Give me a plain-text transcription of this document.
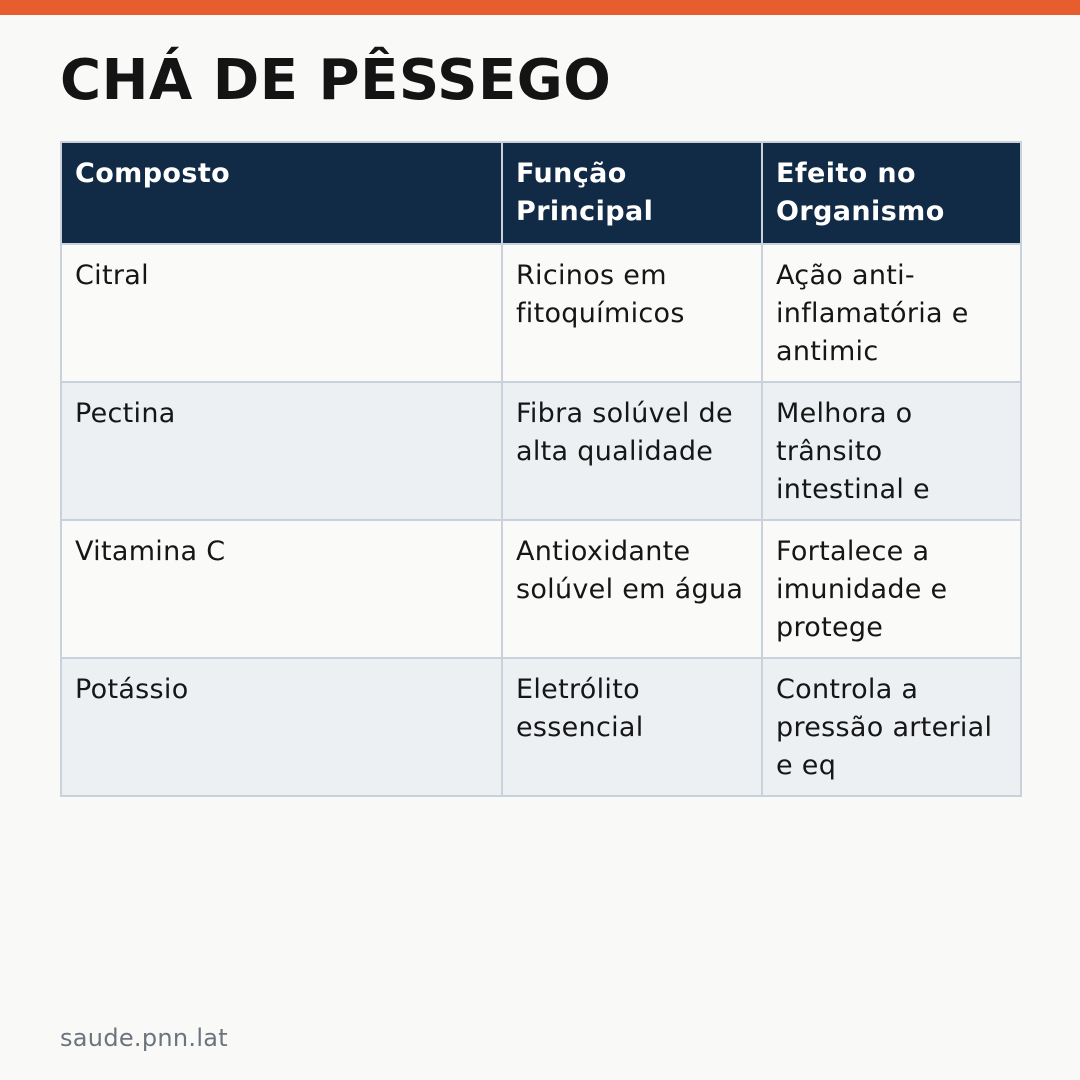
CHÁ DE PÊSSEGO
Composto	Função Principal	Efeito no Organismo
Citral	Ricinos em fitoquímicos	Ação anti-inflamatória e antimic
Pectina	Fibra solúvel de alta qualidade	Melhora o trânsito intestinal e
Vitamina C	Antioxidante solúvel em água	Fortalece a imunidade e protege
Potássio	Eletrólito essencial	Controla a pressão arterial e eq
saude.pnn.lat
